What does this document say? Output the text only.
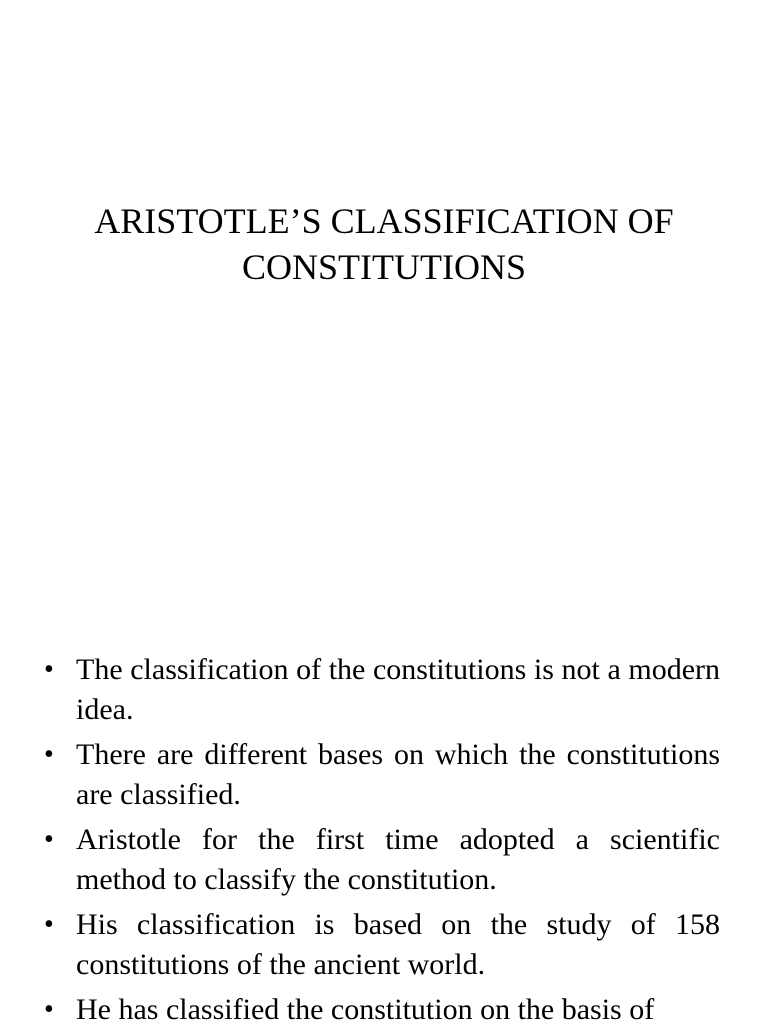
ARISTOTLE’S CLASSIFICATION OF CONSTITUTIONS
• The classification of the constitutions is not a modern idea.
• There are different bases on which the constitutions are classified.
• Aristotle for the first time adopted a scientific method to classify the constitution.
• His classification is based on the study of 158 constitutions of the ancient world.
• He has classified the constitution on the basis of
